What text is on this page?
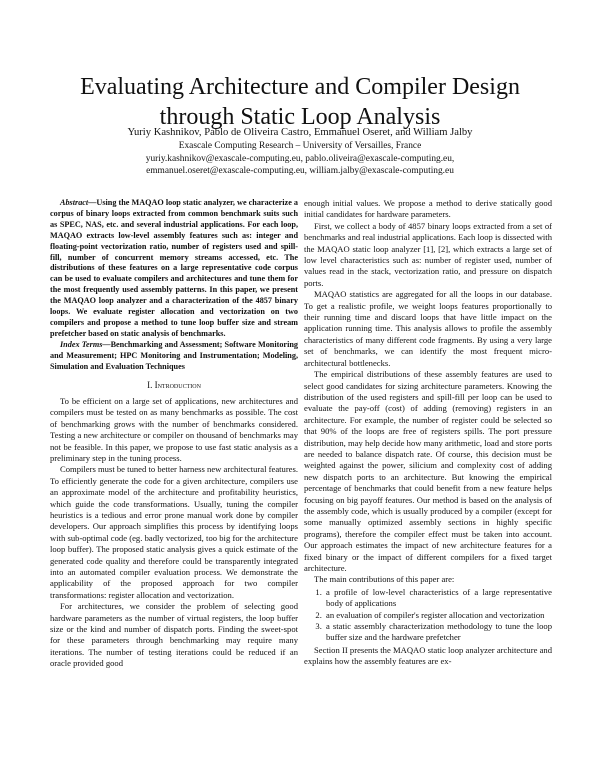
Evaluating Architecture and Compiler Design through Static Loop Analysis
Yuriy Kashnikov, Pablo de Oliveira Castro, Emmanuel Oseret, and William Jalby
Exascale Computing Research – University of Versailles, France
yuriy.kashnikov@exascale-computing.eu, pablo.oliveira@exascale-computing.eu,
emmanuel.oseret@exascale-computing.eu, william.jalby@exascale-computing.eu

Abstract—Using the MAQAO loop static analyzer, we characterize a corpus of binary loops extracted from common benchmark suits such as SPEC, NAS, etc. and several industrial applications. For each loop, MAQAO extracts low-level assembly features such as: integer and floating-point vectorization ratio, number of registers used and spill-fill, number of concurrent memory streams accessed, etc. The distributions of these features on a large representative code corpus can be used to evaluate compilers and architectures and tune them for the most frequently used assembly patterns. In this paper, we present the MAQAO loop analyzer and a characterization of the 4857 binary loops. We evaluate register allocation and vectorization on two compilers and propose a method to tune loop buffer size and stream prefetcher based on static analysis of benchmarks.

Index Terms—Benchmarking and Assessment; Software Monitoring and Measurement; HPC Monitoring and Instrumentation; Modeling, Simulation and Evaluation Techniques

I. Introduction

To be efficient on a large set of applications, new architectures and compilers must be tested on as many benchmarks as possible. The cost of benchmarking grows with the number of benchmarks considered. Testing a new architecture or compiler on thousand of benchmarks may not be feasible. In this paper, we propose to use fast static analysis as a preliminary step in the tuning process.

Compilers must be tuned to better harness new architectural features. To efficiently generate the code for a given architecture, compilers use an approximate model of the architecture and profitability heuristics, which guide the code transformations. Usually, tuning the compiler heuristics is a tedious and error prone manual work done by compiler developers. Our approach simplifies this process by identifying loops with sub-optimal code (eg. badly vectorized, too big for the architecture loop buffer). The proposed static analysis gives a quick estimate of the generated code quality and therefore could be transparently integrated into an automated compiler evaluation process. We demonstrate the applicability of the proposed approach for two compiler transformations: register allocation and vectorization.

For architectures, we consider the problem of selecting good hardware parameters as the number of virtual registers, the loop buffer size or the kind and number of dispatch ports. Finding the sweet-spot for these parameters through benchmarking may require many iterations. The number of testing iterations could be reduced if an oracle provided good

enough initial values. We propose a method to derive statically good initial candidates for hardware parameters.

First, we collect a body of 4857 binary loops extracted from a set of benchmarks and real industrial applications. Each loop is dissected with the MAQAO static loop analyzer [1], [2], which extracts a large set of low level characteristics such as: number of register used, number of values read in the stack, vectorization ratio, and pressure on dispatch ports.

MAQAO statistics are aggregated for all the loops in our database. To get a realistic profile, we weight loops features proportionally to their running time and discard loops that have little impact on the application running time. This analysis allows to profile the assembly characteristics of many different code fragments. By using a very large set of benchmarks, we can identify the most frequent micro-architectural bottlenecks.

The empirical distributions of these assembly features are used to select good candidates for sizing architecture parameters. Knowing the distribution of the used registers and spill-fill per loop can be used to evaluate the pay-off (cost) of adding (removing) registers in an architecture. For example, the number of register could be selected so that 90% of the loops are free of registers spills. The port pressure distribution, may help decide how many arithmetic, load and store ports are needed to balance dispatch rate. Of course, this decision must be weighted against the power, silicium and complexity cost of adding new dispatch ports to an architecture. But knowing the empirical percentage of benchmarks that could benefit from a new feature helps focusing on big payoff features. Our method is based on the analysis of the assembly code, which is usually produced by a compiler (except for some manually optimized assembly sections in highly specific programs), therefore the compiler effect must be taken into account. Our approach estimates the impact of new architecture features for a fixed binary or the impact of different compilers for a fixed target architecture.

The main contributions of this paper are:

1. a profile of low-level characteristics of a large representative body of applications
2. an evaluation of compiler's register allocation and vectorization
3. a static assembly characterization methodology to tune the loop buffer size and the hardware prefetcher

Section II presents the MAQAO static loop analyzer architecture and explains how the assembly features are ex-
